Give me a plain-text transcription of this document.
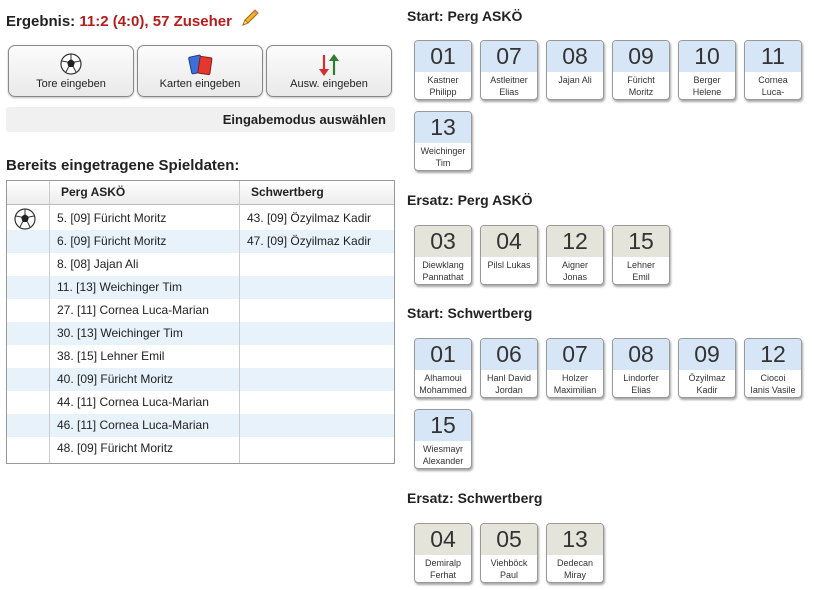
Ergebnis: 11:2 (4:0), 57 Zuseher
Tore eingeben	Karten eingeben	Ausw. eingeben
Eingabemodus auswählen
Bereits eingetragene Spieldaten:
Perg ASKÖ	Schwertberg
5. [09] Füricht Moritz	43. [09] Özyilmaz Kadir
6. [09] Füricht Moritz	47. [09] Özyilmaz Kadir
8. [08] Jajan Ali
11. [13] Weichinger Tim
27. [11] Cornea Luca-Marian
30. [13] Weichinger Tim
38. [15] Lehner Emil
40. [09] Füricht Moritz
44. [11] Cornea Luca-Marian
46. [11] Cornea Luca-Marian
48. [09] Füricht Moritz
Start: Perg ASKÖ
01
Kastner
Philipp
07
Astleitner
Elias
08
Jajan Ali
09
Füricht
Moritz
10
Berger
Helene
11
Cornea
Luca-
13
Weichinger
Tim
Ersatz: Perg ASKÖ
03
Diewklang
Pannathat
04
Pilsl Lukas
12
Aigner
Jonas
15
Lehner
Emil
Start: Schwertberg
01
Alhamoui
Mohammed
06
Hanl David
Jordan
07
Holzer
Maximilian
08
Lindorfer
Elias
09
Özyilmaz
Kadir
12
Ciocoi
Ianis Vasile
15
Wiesmayr
Alexander
Ersatz: Schwertberg
04
Demiralp
Ferhat
05
Viehböck
Paul
13
Dedecan
Miray
